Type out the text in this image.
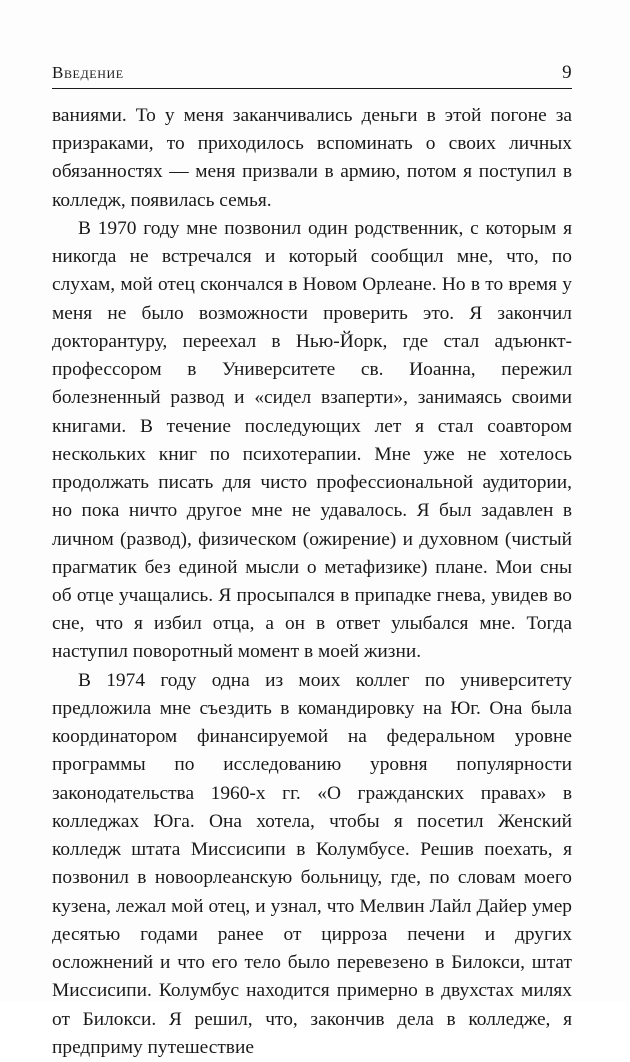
Введение	9

ваниями. То у меня заканчивались деньги в этой погоне за призраками, то приходилось вспоминать о своих личных обязанностях — меня призвали в армию, потом я поступил в колледж, появилась семья.

В 1970 году мне позвонил один родственник, с которым я никогда не встречался и который сообщил мне, что, по слухам, мой отец скончался в Новом Орлеане. Но в то время у меня не было возможности проверить это. Я закончил докторантуру, переехал в Нью-Йорк, где стал адъюнкт-профессором в Университете св. Иоанна, пережил болезненный развод и «сидел взаперти», занимаясь своими книгами. В течение последующих лет я стал соавтором нескольких книг по психотерапии. Мне уже не хотелось продолжать писать для чисто профессиональной аудитории, но пока ничто другое мне не удавалось. Я был задавлен в личном (развод), физическом (ожирение) и духовном (чистый прагматик без единой мысли о метафизике) плане. Мои сны об отце учащались. Я просыпался в припадке гнева, увидев во сне, что я избил отца, а он в ответ улыбался мне. Тогда наступил поворотный момент в моей жизни.

В 1974 году одна из моих коллег по университету предложила мне съездить в командировку на Юг. Она была координатором финансируемой на федеральном уровне программы по исследованию уровня популярности законодательства 1960-х гг. «О гражданских правах» в колледжах Юга. Она хотела, чтобы я посетил Женский колледж штата Миссисипи в Колумбусе. Решив поехать, я позвонил в новоорлеанскую больницу, где, по словам моего кузена, лежал мой отец, и узнал, что Мелвин Лайл Дайер умер десятью годами ранее от цирроза печени и других осложнений и что его тело было перевезено в Билокси, штат Миссисипи. Колумбус находится примерно в двухстах милях от Билокси. Я решил, что, закончив дела в колледже, я предприму путешествие
